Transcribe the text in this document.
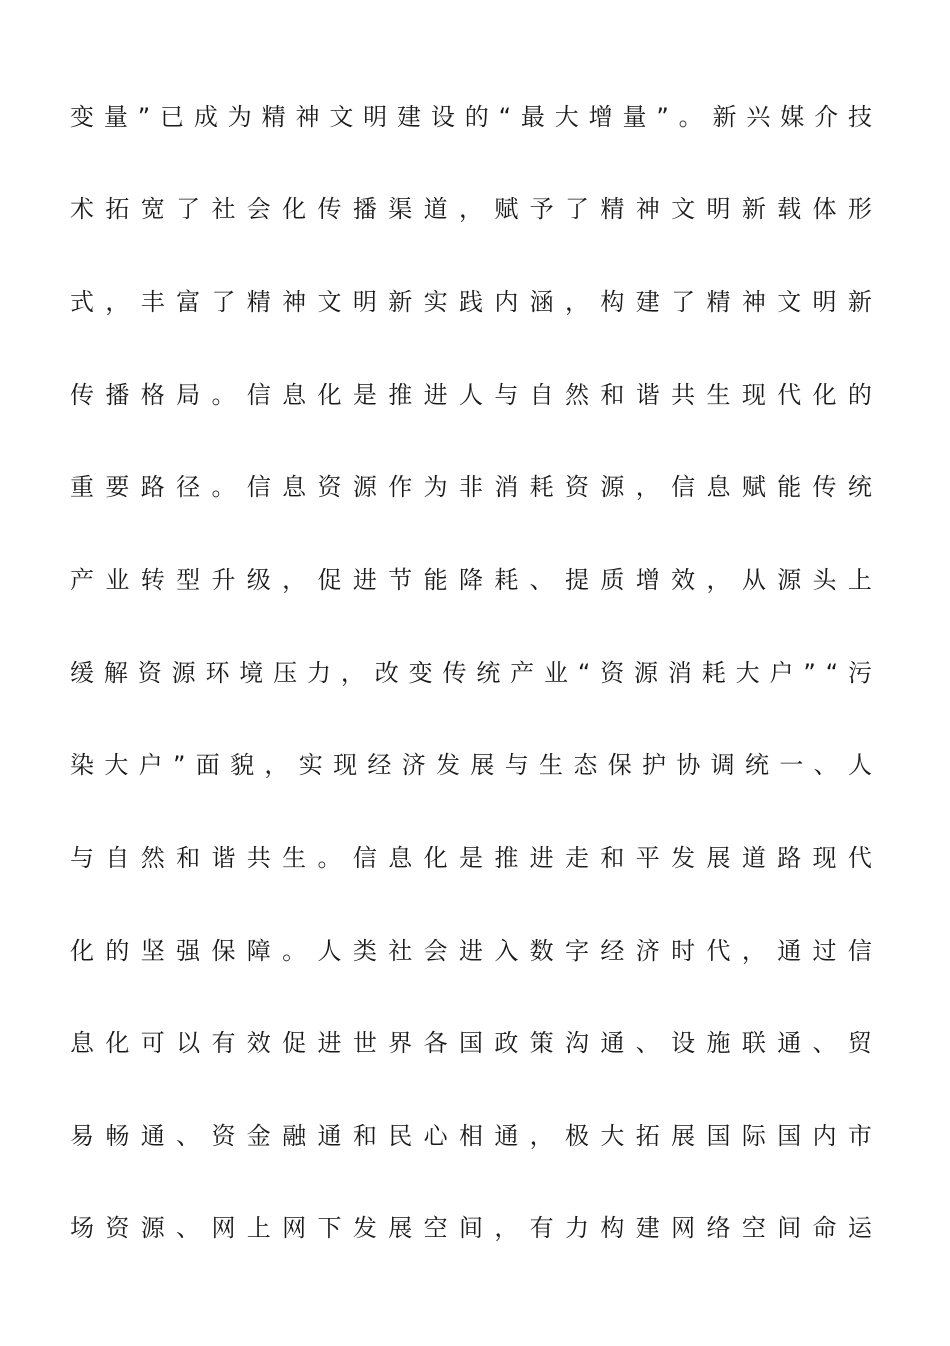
变 量 ” 已 成 为 精 神 文 明 建 设 的 “ 最 大 增 量 ” 。 新 兴 媒 介 技
术 拓 宽 了 社 会 化 传 播 渠 道 ， 赋 予 了 精 神 文 明 新 载 体 形
式 ， 丰 富 了 精 神 文 明 新 实 践 内 涵 ， 构 建 了 精 神 文 明 新
传 播 格 局 。 信 息 化 是 推 进 人 与 自 然 和 谐 共 生 现 代 化 的
重 要 路 径 。 信 息 资 源 作 为 非 消 耗 资 源 ， 信 息 赋 能 传 统
产 业 转 型 升 级 ， 促 进 节 能 降 耗 、 提 质 增 效 ， 从 源 头 上
缓 解 资 源 环 境 压 力 ， 改 变 传 统 产 业 “ 资 源 消 耗 大 户 ” “ 污
染 大 户 ” 面 貌 ， 实 现 经 济 发 展 与 生 态 保 护 协 调 统 一 、 人
与 自 然 和 谐 共 生 。 信 息 化 是 推 进 走 和 平 发 展 道 路 现 代
化 的 坚 强 保 障 。 人 类 社 会 进 入 数 字 经 济 时 代 ， 通 过 信
息 化 可 以 有 效 促 进 世 界 各 国 政 策 沟 通 、 设 施 联 通 、 贸
易 畅 通 、 资 金 融 通 和 民 心 相 通 ， 极 大 拓 展 国 际 国 内 市
场 资 源 、 网 上 网 下 发 展 空 间 ， 有 力 构 建 网 络 空 间 命 运
